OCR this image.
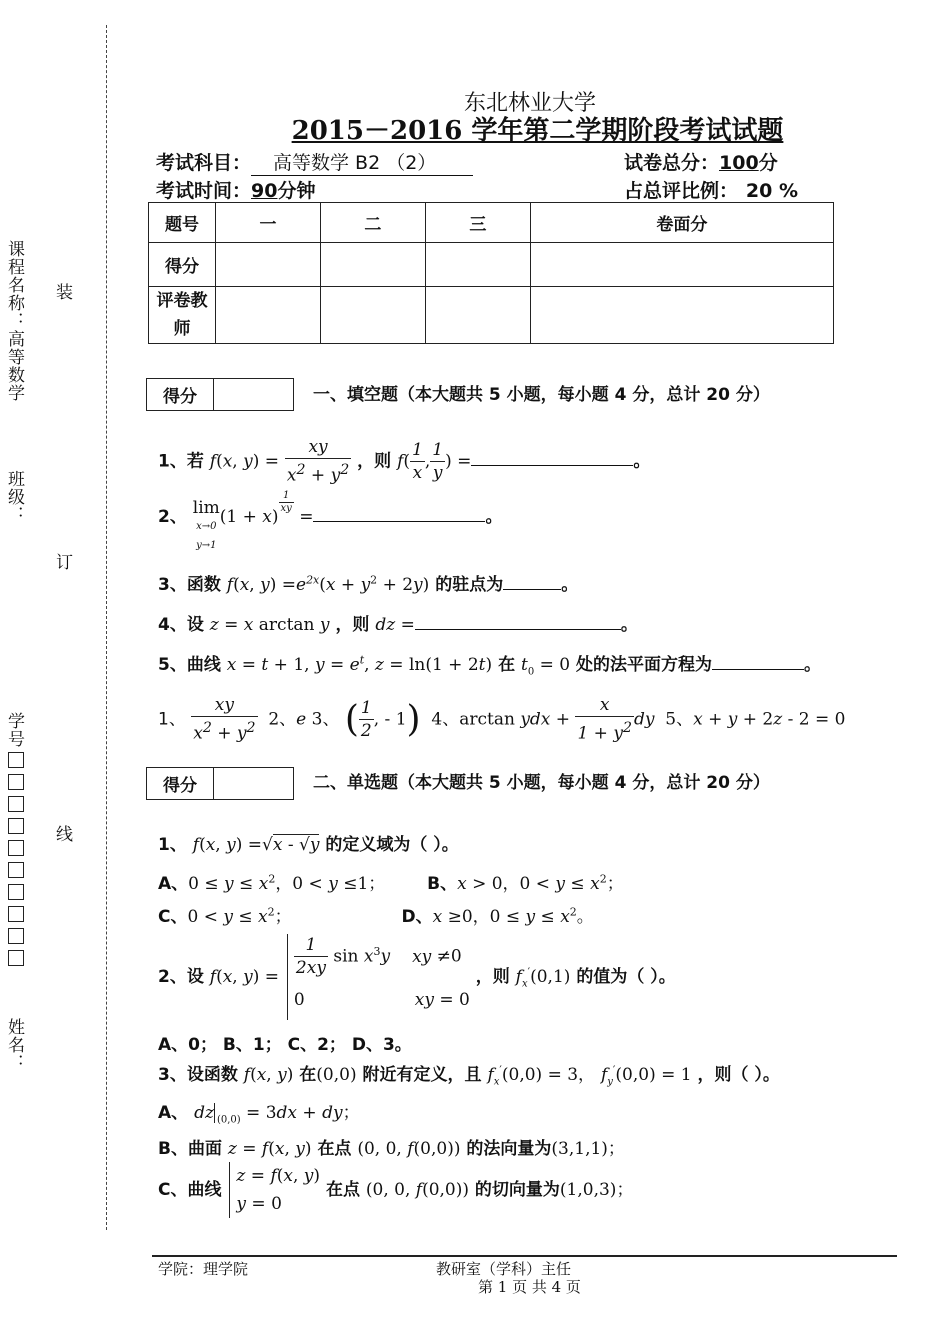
课程名称：高等数学
班级：
学号
姓名：
装
订
线
东北林业大学
2015－2016 学年第二学期阶段考试试题
考试科目： 高等数学 B2 （2）	试卷总分：100分
考试时间：90分钟	占总评比例： 20 %
题号	一	二	三	卷面分
得分				
评卷教师				
得分	一、填空题（本大题共 5 小题，每小题 4 分，总计 20 分）
1、若 f(x, $y) = \frac{xy}{x^2 + y^2}$ ，则 $f( \frac{1}{x}$ , $\frac{1}{y}$ ) =	。
2、 lim
x→0
y→1(1 + x)
$^{\frac{1}{xy}}$
=	。
3、函数 f(x, $y) =e^{2x}(x + y^2 + 2y)$ 的驻点为	。
4、设 z = x arctan y ，则 dz =	。
5、曲线 x = t + 1, $y = e^t$, z = ln(1 + 2t) 在 $t_0 = 0$ 处的法平面方程为	。
1、 $\frac{xy}{x^2 + y^2} 2$、e 3、 ( $\frac{1}{2}$ , - 1)  4、arctan ydx + $\frac{x}{1 + y^2}$ dy  5、x + y + 2z - 2 = 0
得分	二、单选题（本大题共 5 小题，每小题 4 分，总计 20 分）
1、 f(x, y) =√x - √y 的定义域为（ ）。
A、$0 \le y \le x^2$，0 < y ≤1； B、x > 0，$0 < y \le x^2$；
C、$0 < y \le x^2$；	D、x ≥0，$0 \le y \le x^2$。
2、设 f(x, $y) = \frac{1}{2xy}$ $\sin x^3y$ xy ≠0
0	xy = 0
，则 $f_x'(0,1)$ 的值为（ ）。
A、0； B、1； C、2； D、3。
3、设函数 f(x, y) 在(0,0) 附近有定义，且 $f_x'(0,0) = 3$， $f_y'(0,0) = 1$ ，则（ ）。
A、 dz $_{(0,0)}$ = 3dx + dy；
B、曲面 z = f(x, y) 在点 (0, 0, f(0,0)) 的法向量为(3,1,1)；
C、曲线
z = f(x, y)
y = 0
在点 (0, 0, f(0,0)) 的切向量为(1,0,3)；
学院：理学院	教研室（学科）主任
第 1 页 共 4 页
